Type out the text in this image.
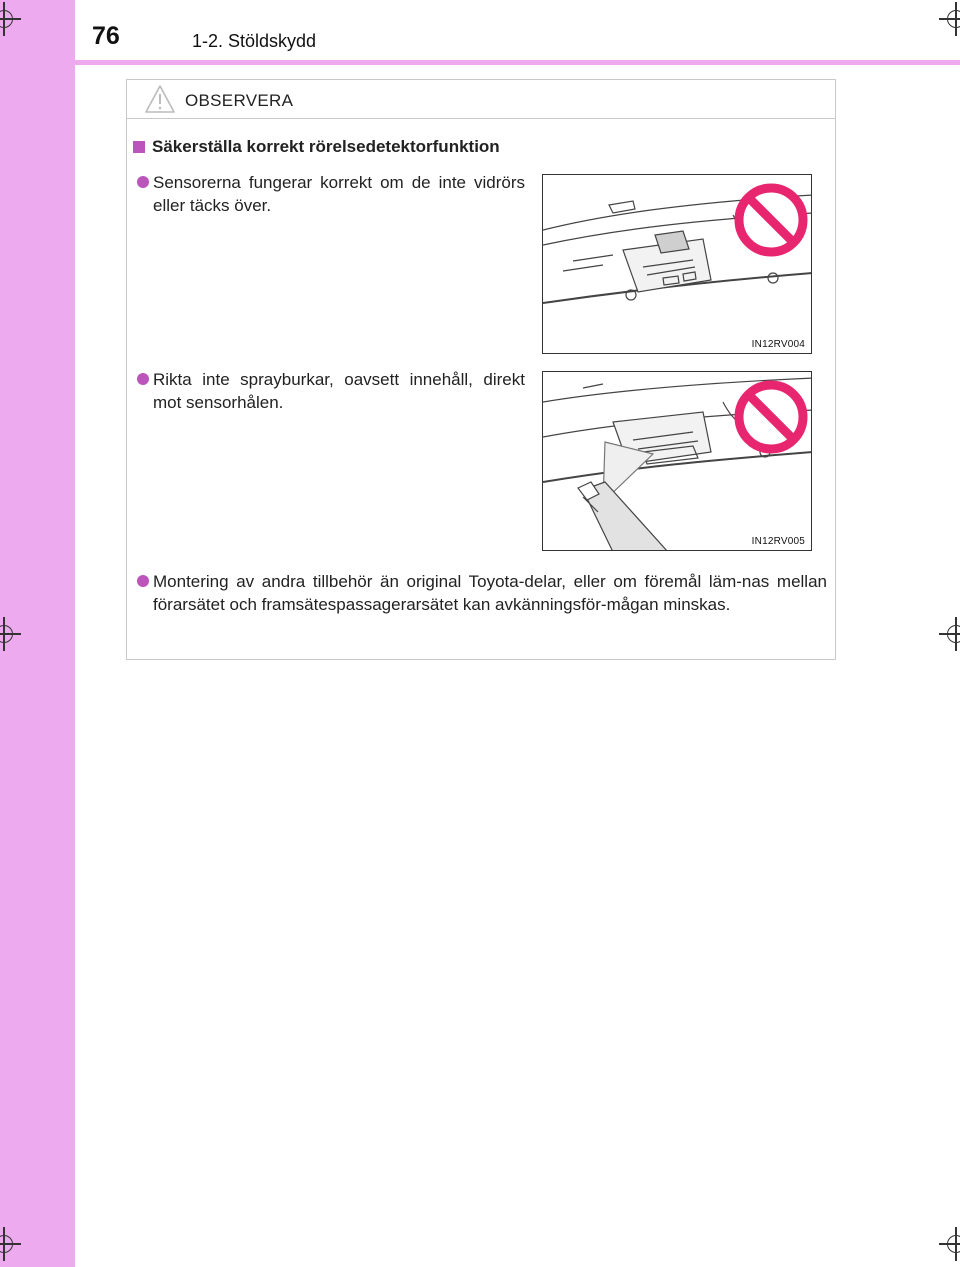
76	1-2. Stöldskydd
OBSERVERA
Säkerställa korrekt rörelsedetektorfunktion
Sensorerna fungerar korrekt om de inte vidrörs eller täcks över.
IN12RV004
Rikta inte sprayburkar, oavsett innehåll, direkt mot sensorhålen.
IN12RV005
Montering av andra tillbehör än original Toyota-delar, eller om föremål läm-nas mellan förarsätet och framsätespassagerarsätet kan avkänningsför-mågan minskas.
